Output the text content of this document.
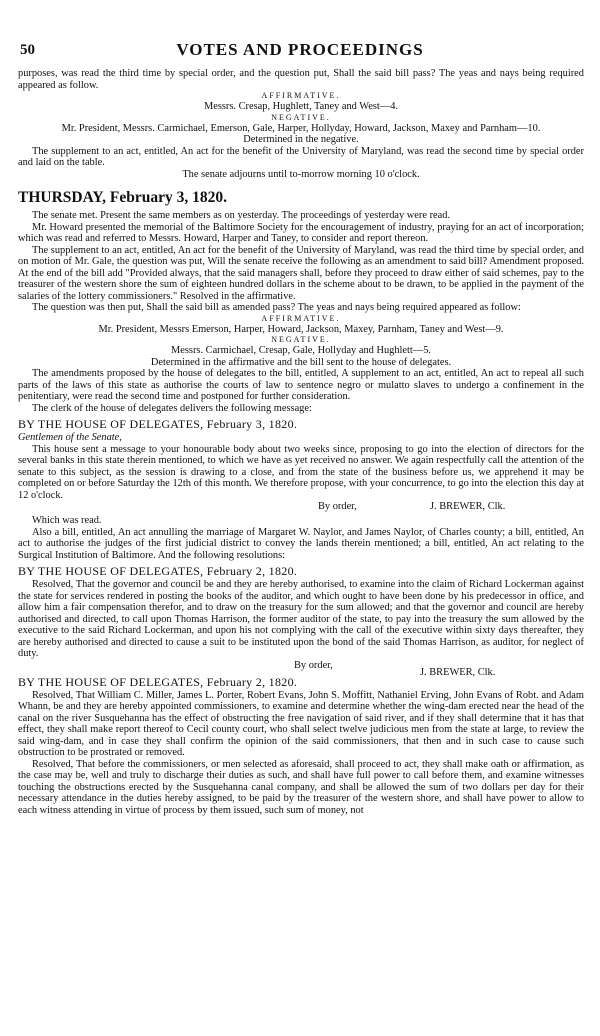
50	VOTES AND PROCEEDINGS

purposes, was read the third time by special order, and the question put, Shall the said bill pass? The yeas and nays being required appeared as follow.

AFFIRMATIVE.

Messrs. Cresap, Hughlett, Taney and West—4.

NEGATIVE.

Mr. President, Messrs. Carmichael, Emerson, Gale, Harper, Hollyday, Howard, Jackson, Maxey and Parnham—10.

Determined in the negative.

The supplement to an act, entitled, An act for the benefit of the University of Maryland, was read the second time by special order and laid on the table.

The senate adjourns until to-morrow morning 10 o'clock.

THURSDAY, February 3, 1820.

The senate met. Present the same members as on yesterday. The proceedings of yesterday were read.

Mr. Howard presented the memorial of the Baltimore Society for the encouragement of industry, praying for an act of incorporation; which was read and referred to Messrs. Howard, Harper and Taney, to consider and report thereon.

The supplement to an act, entitled, An act for the benefit of the University of Maryland, was read the third time by special order, and on motion of Mr. Gale, the question was put, Will the senate receive the following as an amendment to said bill? Amendment proposed. At the end of the bill add "Provided always, that the said managers shall, before they proceed to draw either of said schemes, pay to the treasurer of the western shore the sum of eighteen hundred dollars in the scheme about to be drawn, to be applied in the payment of the salaries of the lottery commissioners." Resolved in the affirmative.

The question was then put, Shall the said bill as amended pass? The yeas and nays being required appeared as follow:

AFFIRMATIVE.

Mr. President, Messrs Emerson, Harper, Howard, Jackson, Maxey, Parnham, Taney and West—9.

NEGATIVE.

Messrs. Carmichael, Cresap, Gale, Hollyday and Hughlett—5.

Determined in the affirmative and the bill sent to the house of delegates.

The amendments proposed by the house of delegates to the bill, entitled, A supplement to an act, entitled, An act to repeal all such parts of the laws of this state as authorise the courts of law to sentence negro or mulatto slaves to undergo a confinement in the penitentiary, were read the second time and postponed for further consideration.

The clerk of the house of delegates delivers the following message:

BY THE HOUSE OF DELEGATES, February 3, 1820.

Gentlemen of the Senate,

This house sent a message to your honourable body about two weeks since, proposing to go into the election of directors for the several banks in this state therein mentioned, to which we have as yet received no answer. We again respectfully call the attention of the senate to this subject, as the session is drawing to a close, and from the state of the business before us, we apprehend it may be completed on or before Saturday the 12th of this month. We therefore propose, with your concurrence, to go into the election this day at 12 o'clock.

By order,	J. BREWER, Clk.

Which was read.

Also a bill, entitled, An act annulling the marriage of Margaret W. Naylor, and James Naylor, of Charles county; a bill, entitled, An act to authorise the judges of the first judicial district to convey the lands therein mentioned; a bill, entitled, An act relating to the Surgical Institution of Baltimore. And the following resolutions:

BY THE HOUSE OF DELEGATES, February 2, 1820.

Resolved, That the governor and council be and they are hereby authorised, to examine into the claim of Richard Lockerman against the state for services rendered in posting the books of the auditor, and which ought to have been done by his predecessor in office, and allow him a fair compensation therefor, and to draw on the treasury for the sum allowed; and that the governor and council are hereby authorised and directed, to call upon Thomas Harrison, the former auditor of the state, to pay into the treasury the sum allowed by the executive to the said Richard Lockerman, and upon his not complying with the call of the executive within sixty days thereafter, they are hereby authorised and directed to cause a suit to be instituted upon the bond of the said Thomas Harrison, as auditor, for neglect of duty.

By order,
J. BREWER, Clk.

BY THE HOUSE OF DELEGATES, February 2, 1820.

Resolved, That William C. Miller, James L. Porter, Robert Evans, John S. Moffitt, Nathaniel Erving, John Evans of Robt. and Adam Whann, be and they are hereby appointed commissioners, to examine and determine whether the wing-dam erected near the head of the canal on the river Susquehanna has the effect of obstructing the free navigation of said river, and if they shall determine that it has that effect, they shall make report thereof to Cecil county court, who shall select twelve judicious men from the state at large, to review the said wing-dam, and in case they shall confirm the opinion of the said commissioners, that then and in such case to cause such obstruction to be prostrated or removed.

Resolved, That before the commissioners, or men selected as aforesaid, shall proceed to act, they shall make oath or affirmation, as the case may be, well and truly to discharge their duties as such, and shall have full power to call before them, and examine witnesses touching the obstructions erected by the Susquehanna canal company, and shall be allowed the sum of two dollars per day for their necessary attendance in the duties hereby assigned, to be paid by the treasurer of the western shore, and shall have power to allow to each witness attending in virtue of process by them issued, such sum of money, not
